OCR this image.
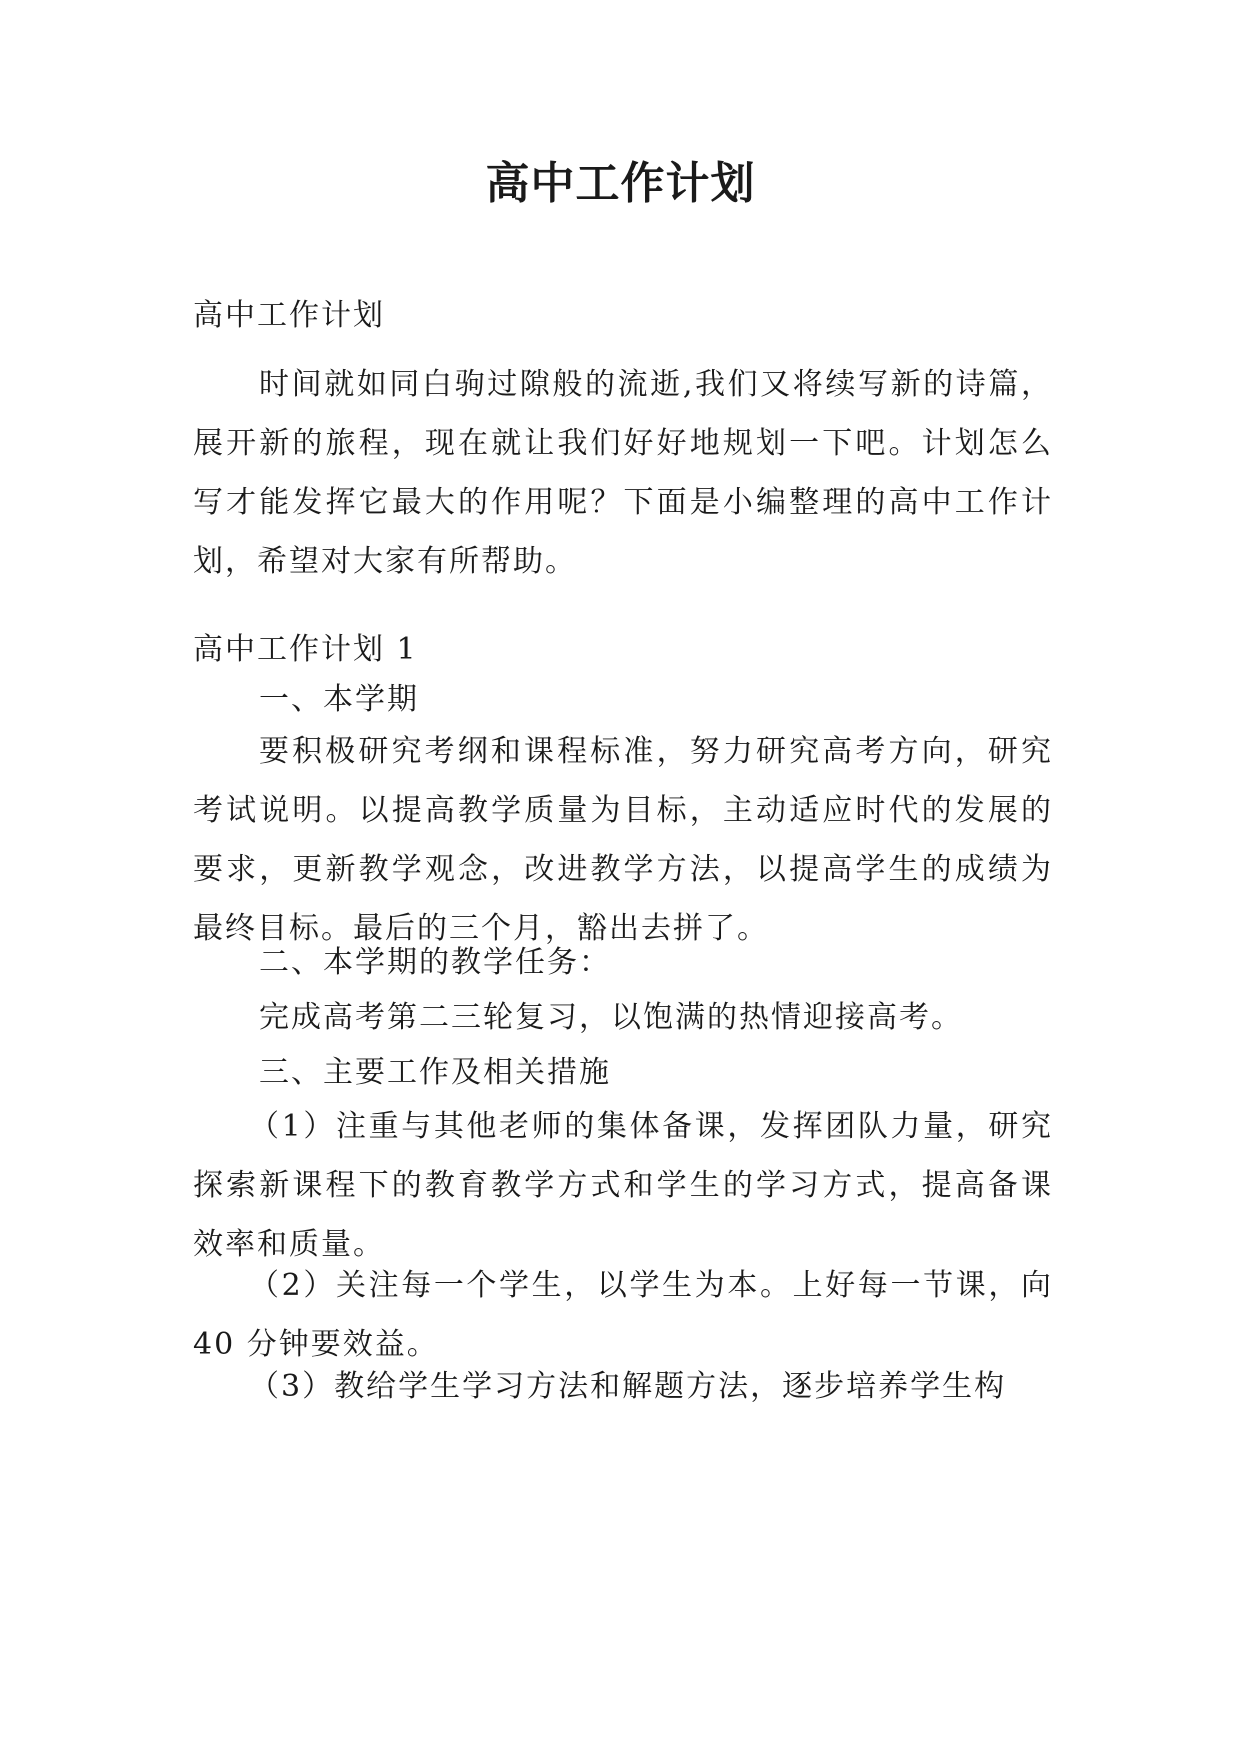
高中工作计划

高中工作计划

时间就如同白驹过隙般的流逝,我们又将续写新的诗篇，展开新的旅程，现在就让我们好好地规划一下吧。计划怎么写才能发挥它最大的作用呢？下面是小编整理的高中工作计划，希望对大家有所帮助。

高中工作计划 1

一、本学期

要积极研究考纲和课程标准，努力研究高考方向，研究考试说明。以提高教学质量为目标，主动适应时代的发展的要求，更新教学观念，改进教学方法，以提高学生的成绩为最终目标。最后的三个月，豁出去拼了。

二、本学期的教学任务：

完成高考第二三轮复习，以饱满的热情迎接高考。

三、主要工作及相关措施

（1）注重与其他老师的集体备课，发挥团队力量，研究探索新课程下的教育教学方式和学生的学习方式，提高备课效率和质量。

（2）关注每一个学生，以学生为本。上好每一节课，向 40 分钟要效益。

（3）教给学生学习方法和解题方法，逐步培养学生构
